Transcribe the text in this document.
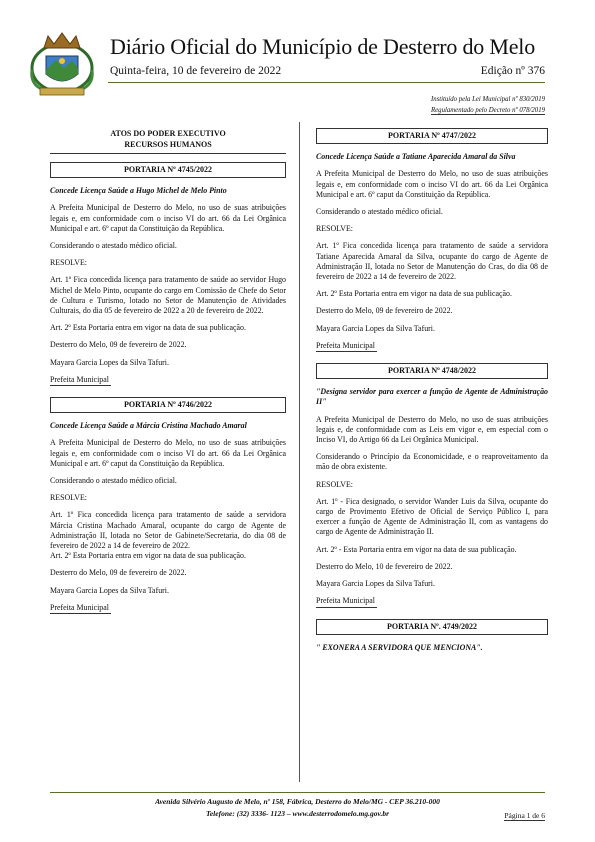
Diário Oficial do Município de Desterro do Melo
Quinta-feira, 10 de fevereiro de 2022	Edição nº 376
Instituído pela Lei Municipal nº 830/2019
Regulamentado pelo Decreto nº 078/2019
ATOS DO PODER EXECUTIVO
RECURSOS HUMANOS
PORTARIA Nº 4745/2022

Concede Licença Saúde a Hugo Michel de Melo Pinto

A Prefeita Municipal de Desterro do Melo, no uso de suas atribuições legais e, em conformidade com o inciso VI do art. 66 da Lei Orgânica Municipal e art. 6º caput da Constituição da República.

Considerando o atestado médico oficial.

RESOLVE:

Art. 1º Fica concedida licença para tratamento de saúde ao servidor Hugo Michel de Melo Pinto, ocupante do cargo em Comissão de Chefe do Setor de Cultura e Turismo, lotado no Setor de Manutenção de Atividades Culturais, do dia 05 de fevereiro de 2022 a 20 de fevereiro de 2022.

Art. 2º Esta Portaria entra em vigor na data de sua publicação.

Desterro do Melo, 09 de fevereiro de 2022.

Mayara Garcia Lopes da Silva Tafuri.

Prefeita Municipal

PORTARIA Nº 4746/2022

Concede Licença Saúde a Márcia Cristina Machado Amaral

A Prefeita Municipal de Desterro do Melo, no uso de suas atribuições legais e, em conformidade com o inciso VI do art. 66 da Lei Orgânica Municipal e art. 6º caput da Constituição da República.

Considerando o atestado médico oficial.

RESOLVE:

Art. 1º Fica concedida licença para tratamento de saúde a servidora Márcia Cristina Machado Amaral, ocupante do cargo de Agente de Administração II, lotada no Setor de Gabinete/Secretaria, do dia 08 de fevereiro de 2022 a 14 de fevereiro de 2022.

Art. 2º Esta Portaria entra em vigor na data de sua publicação.

Desterro do Melo, 09 de fevereiro de 2022.

Mayara Garcia Lopes da Silva Tafuri.

Prefeita Municipal

PORTARIA Nº 4747/2022

Concede Licença Saúde a Tatiane Aparecida Amaral da Silva

A Prefeita Municipal de Desterro do Melo, no uso de suas atribuições legais e, em conformidade com o inciso VI do art. 66 da Lei Orgânica Municipal e art. 6º caput da Constituição da República.

Considerando o atestado médico oficial.

RESOLVE:

Art. 1º Fica concedida licença para tratamento de saúde a servidora Tatiane Aparecida Amaral da Silva, ocupante do cargo de Agente de Administração II, lotada no Setor de Manutenção do Cras, do dia 08 de fevereiro de 2022 a 14 de fevereiro de 2022.

Art. 2º Esta Portaria entra em vigor na data de sua publicação.

Desterro do Melo, 09 de fevereiro de 2022.

Mayara Garcia Lopes da Silva Tafuri.

Prefeita Municipal

PORTARIA Nº 4748/2022

"Designa servidor para exercer a função de Agente de Administração II"

A Prefeita Municipal de Desterro do Melo, no uso de suas atribuições legais e, de conformidade com as Leis em vigor e, em especial com o Inciso VI, do Artigo 66 da Lei Orgânica Municipal.

Considerando o Princípio da Economicidade, e o reaproveitamento da mão de obra existente.

RESOLVE:

Art. 1º - Fica designado, o servidor Wander Luis da Silva, ocupante do cargo de Provimento Efetivo de Oficial de Serviço Público I, para exercer a função de Agente de Administração II, com as vantagens do cargo de Agente de Administração II.

Art. 2º - Esta Portaria entra em vigor na data de sua publicação.

Desterro do Melo, 10 de fevereiro de 2022.

Mayara Garcia Lopes da Silva Tafuri.

Prefeita Municipal

PORTARIA Nº. 4749/2022

" EXONERA A SERVIDORA QUE MENCIONA".

Avenida Silvério Augusto de Melo, nº 158, Fábrica, Desterro do Melo/MG - CEP 36.210-000
Telefone: (32) 3336- 1123 – www.desterrodomelo.mg.gov.br	Página 1 de 6
